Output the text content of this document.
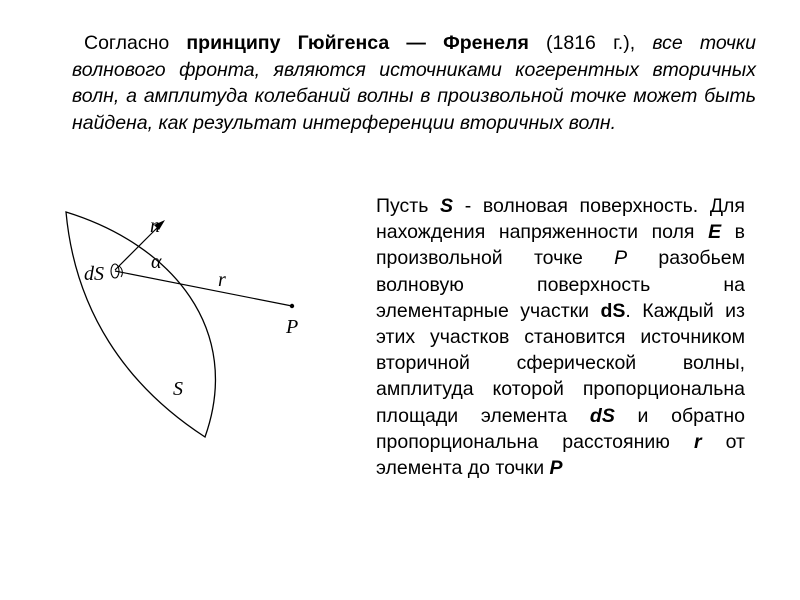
Согласно принципу Гюйгенса — Френеля (1816 г.), все точки волнового фронта, являются источниками когерентных вторичных волн, а амплитуда колебаний волны в произвольной точке может быть найдена, как результат интерференции вторичных волн.

n
α
dS	r
P
S

Пусть S - волновая поверхность. Для нахождения напряженности поля E в произвольной точке P разобьем волновую поверхность на элементарные участки dS. Каждый из этих участков становится источником вторичной сферической волны, амплитуда которой пропорциональна площади элемента dS и обратно пропорциональна расстоянию r от элемента до точки P
